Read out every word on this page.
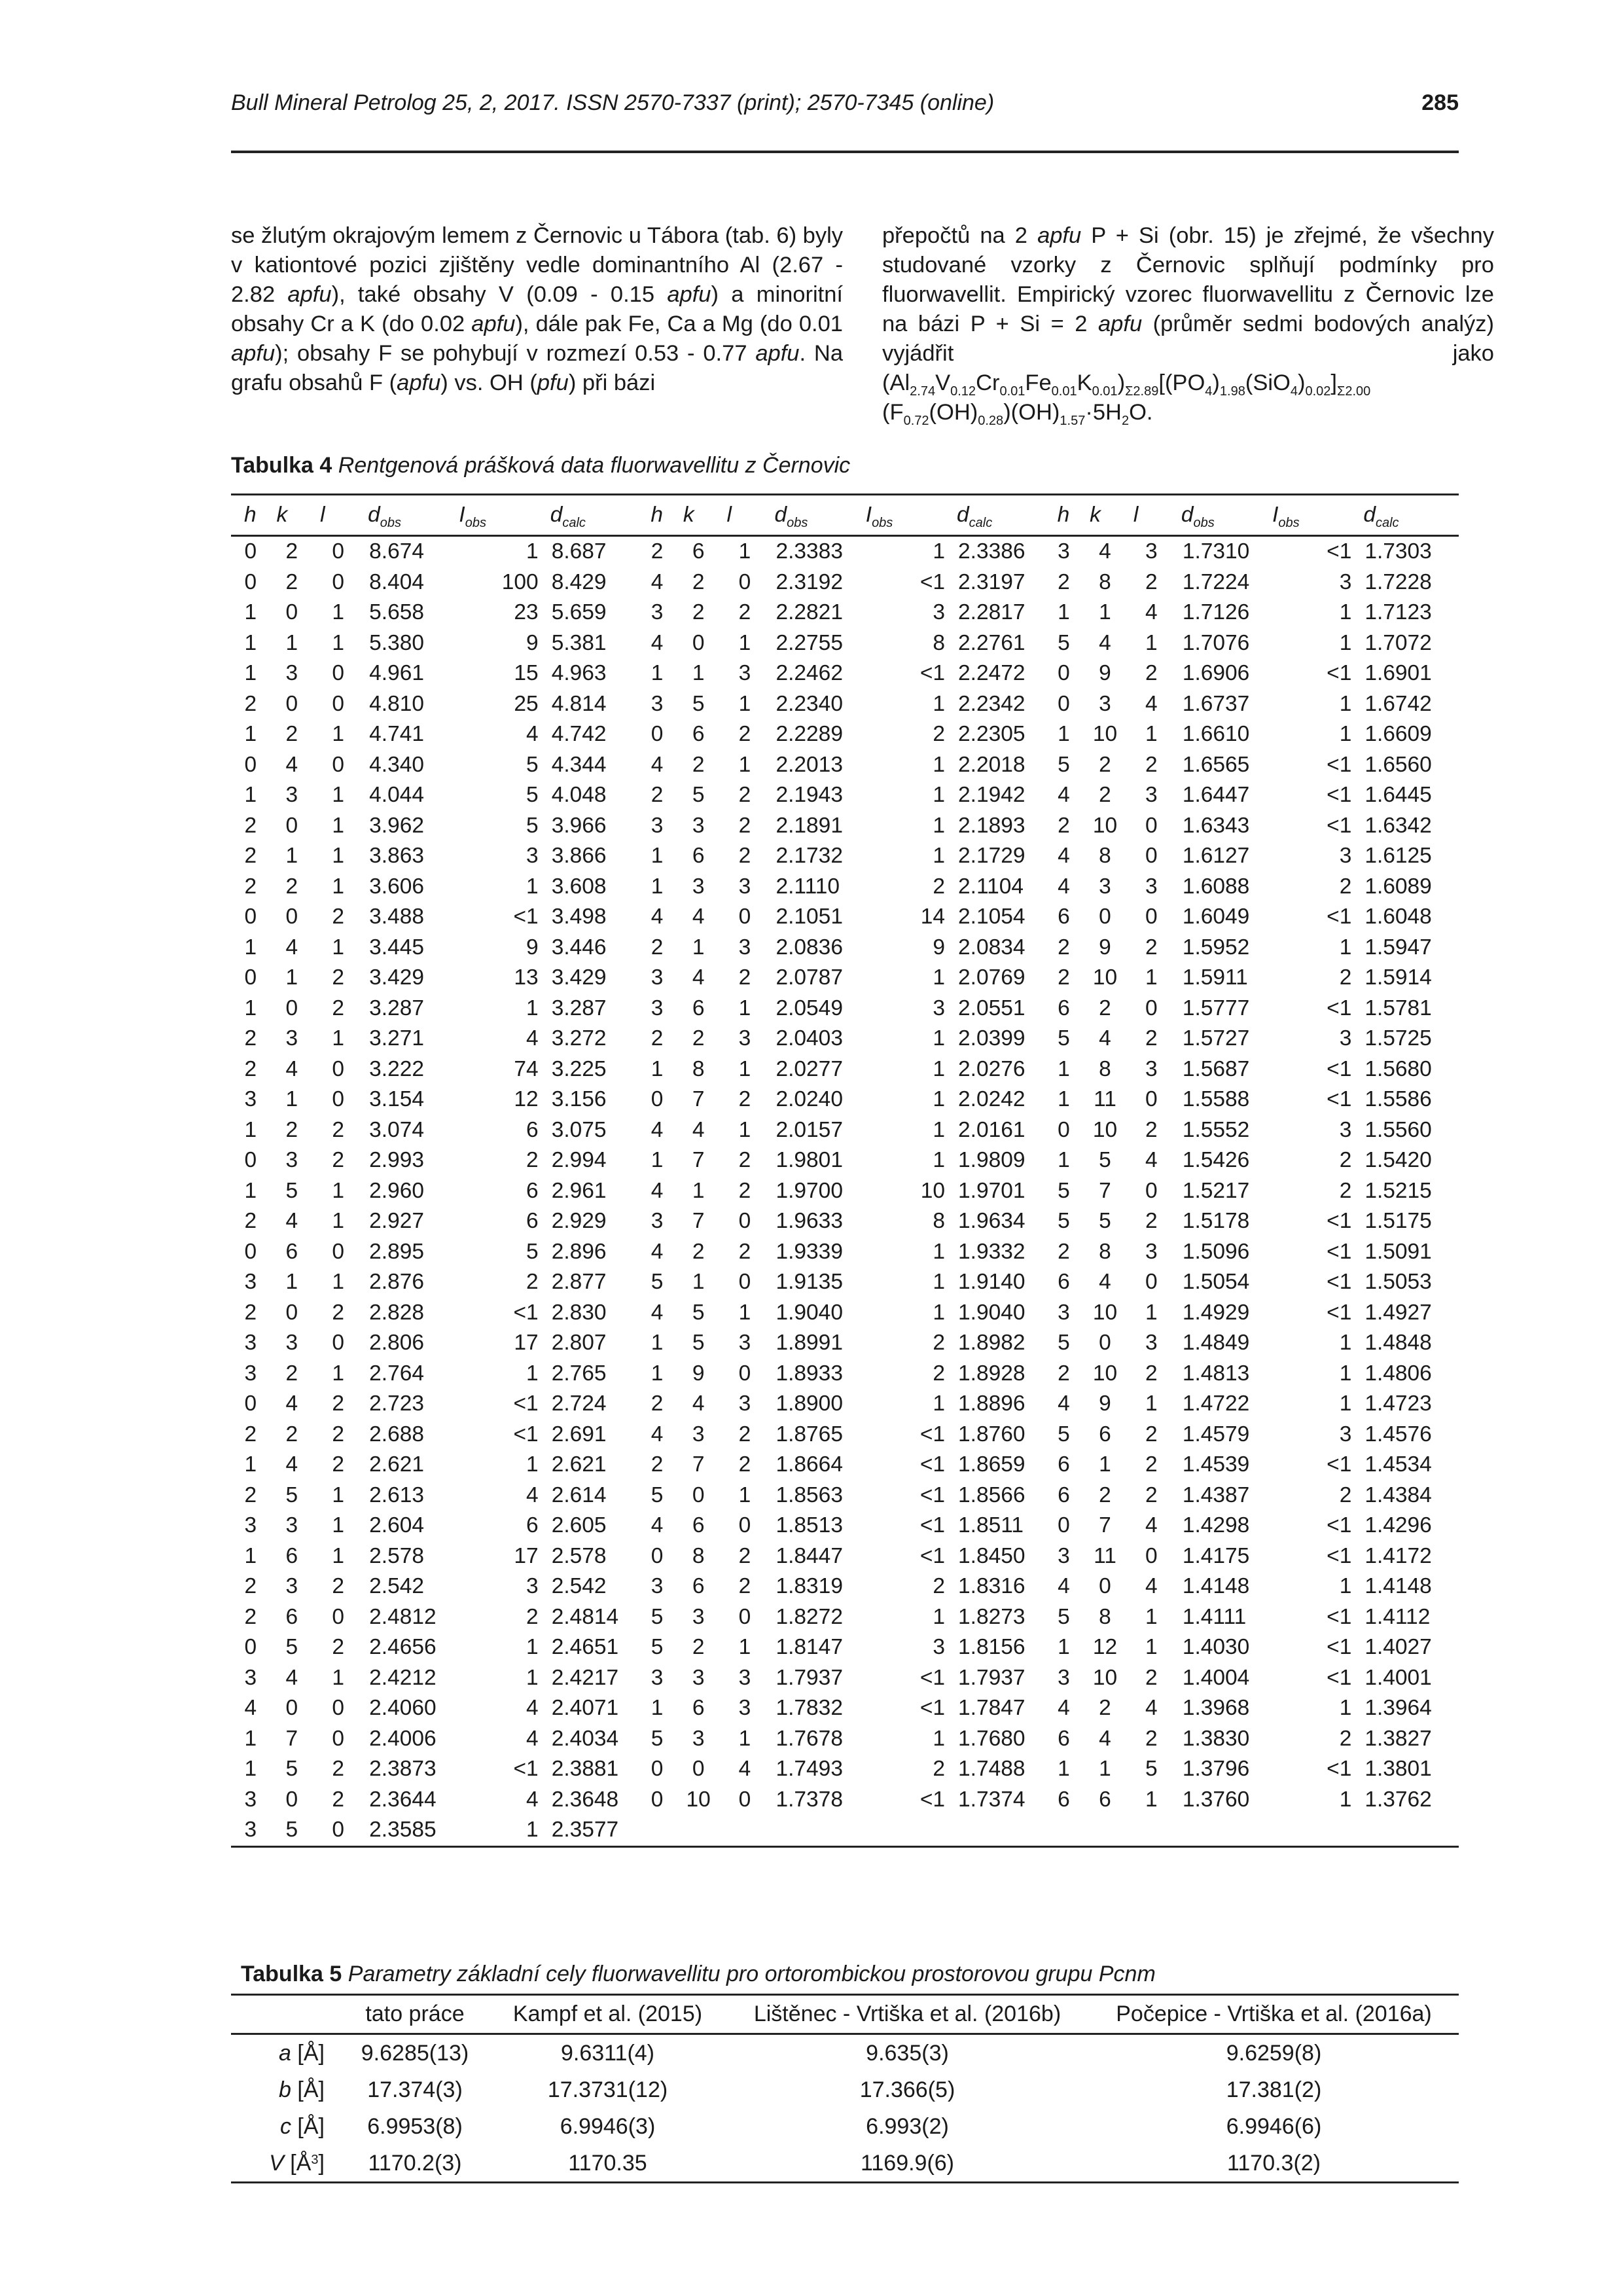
Bull Mineral Petrolog 25, 2, 2017. ISSN 2570-7337 (print); 2570-7345 (online)	285

se žlutým okrajovým lemem z Černovic u Tábora (tab. 6) byly v kationtové pozici zjištěny vedle dominantního Al (2.67 - 2.82 apfu), také obsahy V (0.09 - 0.15 apfu) a minoritní obsahy Cr a K (do 0.02 apfu), dále pak Fe, Ca a Mg (do 0.01 apfu); obsahy F se pohybují v rozmezí 0.53 - 0.77 apfu. Na grafu obsahů F (apfu) vs. OH (pfu) při bázi

přepočtů na 2 apfu P + Si (obr. 15) je zřejmé, že všechny studované vzorky z Černovic splňují podmínky pro fluorwavellit. Empirický vzorec fluorwavellitu z Černovic lze na bázi P + Si = 2 apfu (průměr sedmi bodových analýz) vyjádřit jako $(Al_{2.74}V_{0.12}Cr_{0.01}Fe_{0.01}K_{0.01})_{\Sigma 2.89}[(PO_4)_{1.98}(SiO_4)_{0.02}]_{\Sigma 2.00}$ $(F_{0.72}(OH)_{0.28})(OH)_{1.57}\cdot 5H_2O$.

Tabulka 4 Rentgenová prášková data fluorwavellitu z Černovic
h	k	l	$d_{obs}$	$I_{obs}$	$d_{calc}$	h	k	l	$d_{obs}$	$I_{obs}$	$d_{calc}$	h	k	l	$d_{obs}$	$I_{obs}$	$d_{calc}$
0	2	0	8.674	1	8.687	2	6	1	2.3383	1	2.3386	3	4	3	1.7310	<1	1.7303
0	2	0	8.404	100	8.429	4	2	0	2.3192	<1	2.3197	2	8	2	1.7224	3	1.7228
1	0	1	5.658	23	5.659	3	2	2	2.2821	3	2.2817	1	1	4	1.7126	1	1.7123
1	1	1	5.380	9	5.381	4	0	1	2.2755	8	2.2761	5	4	1	1.7076	1	1.7072
1	3	0	4.961	15	4.963	1	1	3	2.2462	<1	2.2472	0	9	2	1.6906	<1	1.6901
2	0	0	4.810	25	4.814	3	5	1	2.2340	1	2.2342	0	3	4	1.6737	1	1.6742
1	2	1	4.741	4	4.742	0	6	2	2.2289	2	2.2305	1	10	1	1.6610	1	1.6609
0	4	0	4.340	5	4.344	4	2	1	2.2013	1	2.2018	5	2	2	1.6565	<1	1.6560
1	3	1	4.044	5	4.048	2	5	2	2.1943	1	2.1942	4	2	3	1.6447	<1	1.6445
2	0	1	3.962	5	3.966	3	3	2	2.1891	1	2.1893	2	10	0	1.6343	<1	1.6342
2	1	1	3.863	3	3.866	1	6	2	2.1732	1	2.1729	4	8	0	1.6127	3	1.6125
2	2	1	3.606	1	3.608	1	3	3	2.1110	2	2.1104	4	3	3	1.6088	2	1.6089
0	0	2	3.488	<1	3.498	4	4	0	2.1051	14	2.1054	6	0	0	1.6049	<1	1.6048
1	4	1	3.445	9	3.446	2	1	3	2.0836	9	2.0834	2	9	2	1.5952	1	1.5947
0	1	2	3.429	13	3.429	3	4	2	2.0787	1	2.0769	2	10	1	1.5911	2	1.5914
1	0	2	3.287	1	3.287	3	6	1	2.0549	3	2.0551	6	2	0	1.5777	<1	1.5781
2	3	1	3.271	4	3.272	2	2	3	2.0403	1	2.0399	5	4	2	1.5727	3	1.5725
2	4	0	3.222	74	3.225	1	8	1	2.0277	1	2.0276	1	8	3	1.5687	<1	1.5680
3	1	0	3.154	12	3.156	0	7	2	2.0240	1	2.0242	1	11	0	1.5588	<1	1.5586
1	2	2	3.074	6	3.075	4	4	1	2.0157	1	2.0161	0	10	2	1.5552	3	1.5560
0	3	2	2.993	2	2.994	1	7	2	1.9801	1	1.9809	1	5	4	1.5426	2	1.5420
1	5	1	2.960	6	2.961	4	1	2	1.9700	10	1.9701	5	7	0	1.5217	2	1.5215
2	4	1	2.927	6	2.929	3	7	0	1.9633	8	1.9634	5	5	2	1.5178	<1	1.5175
0	6	0	2.895	5	2.896	4	2	2	1.9339	1	1.9332	2	8	3	1.5096	<1	1.5091
3	1	1	2.876	2	2.877	5	1	0	1.9135	1	1.9140	6	4	0	1.5054	<1	1.5053
2	0	2	2.828	<1	2.830	4	5	1	1.9040	1	1.9040	3	10	1	1.4929	<1	1.4927
3	3	0	2.806	17	2.807	1	5	3	1.8991	2	1.8982	5	0	3	1.4849	1	1.4848
3	2	1	2.764	1	2.765	1	9	0	1.8933	2	1.8928	2	10	2	1.4813	1	1.4806
0	4	2	2.723	<1	2.724	2	4	3	1.8900	1	1.8896	4	9	1	1.4722	1	1.4723
2	2	2	2.688	<1	2.691	4	3	2	1.8765	<1	1.8760	5	6	2	1.4579	3	1.4576
1	4	2	2.621	1	2.621	2	7	2	1.8664	<1	1.8659	6	1	2	1.4539	<1	1.4534
2	5	1	2.613	4	2.614	5	0	1	1.8563	<1	1.8566	6	2	2	1.4387	2	1.4384
3	3	1	2.604	6	2.605	4	6	0	1.8513	<1	1.8511	0	7	4	1.4298	<1	1.4296
1	6	1	2.578	17	2.578	0	8	2	1.8447	<1	1.8450	3	11	0	1.4175	<1	1.4172
2	3	2	2.542	3	2.542	3	6	2	1.8319	2	1.8316	4	0	4	1.4148	1	1.4148
2	6	0	2.4812	2	2.4814	5	3	0	1.8272	1	1.8273	5	8	1	1.4111	<1	1.4112
0	5	2	2.4656	1	2.4651	5	2	1	1.8147	3	1.8156	1	12	1	1.4030	<1	1.4027
3	4	1	2.4212	1	2.4217	3	3	3	1.7937	<1	1.7937	3	10	2	1.4004	<1	1.4001
4	0	0	2.4060	4	2.4071	1	6	3	1.7832	<1	1.7847	4	2	4	1.3968	1	1.3964
1	7	0	2.4006	4	2.4034	5	3	1	1.7678	1	1.7680	6	4	2	1.3830	2	1.3827
1	5	2	2.3873	<1	2.3881	0	0	4	1.7493	2	1.7488	1	1	5	1.3796	<1	1.3801
3	0	2	2.3644	4	2.3648	0	10	0	1.7378	<1	1.7374	6	6	1	1.3760	1	1.3762
3	5	0	2.3585	1	2.3577												
Tabulka 5 Parametry základní cely fluorwavellitu pro ortorombickou prostorovou grupu Pcnm
	tato práce	Kampf et al. (2015)	Lištěnec - Vrtiška et al. (2016b)	Počepice - Vrtiška et al. (2016a)
a [Å]	9.6285(13)	9.6311(4)	9.635(3)	9.6259(8)
b [Å]	17.374(3)	17.3731(12)	17.366(5)	17.381(2)
c [Å]	6.9953(8)	6.9946(3)	6.993(2)	6.9946(6)
V $[Å^3]$	1170.2(3)	1170.35	1169.9(6)	1170.3(2)
